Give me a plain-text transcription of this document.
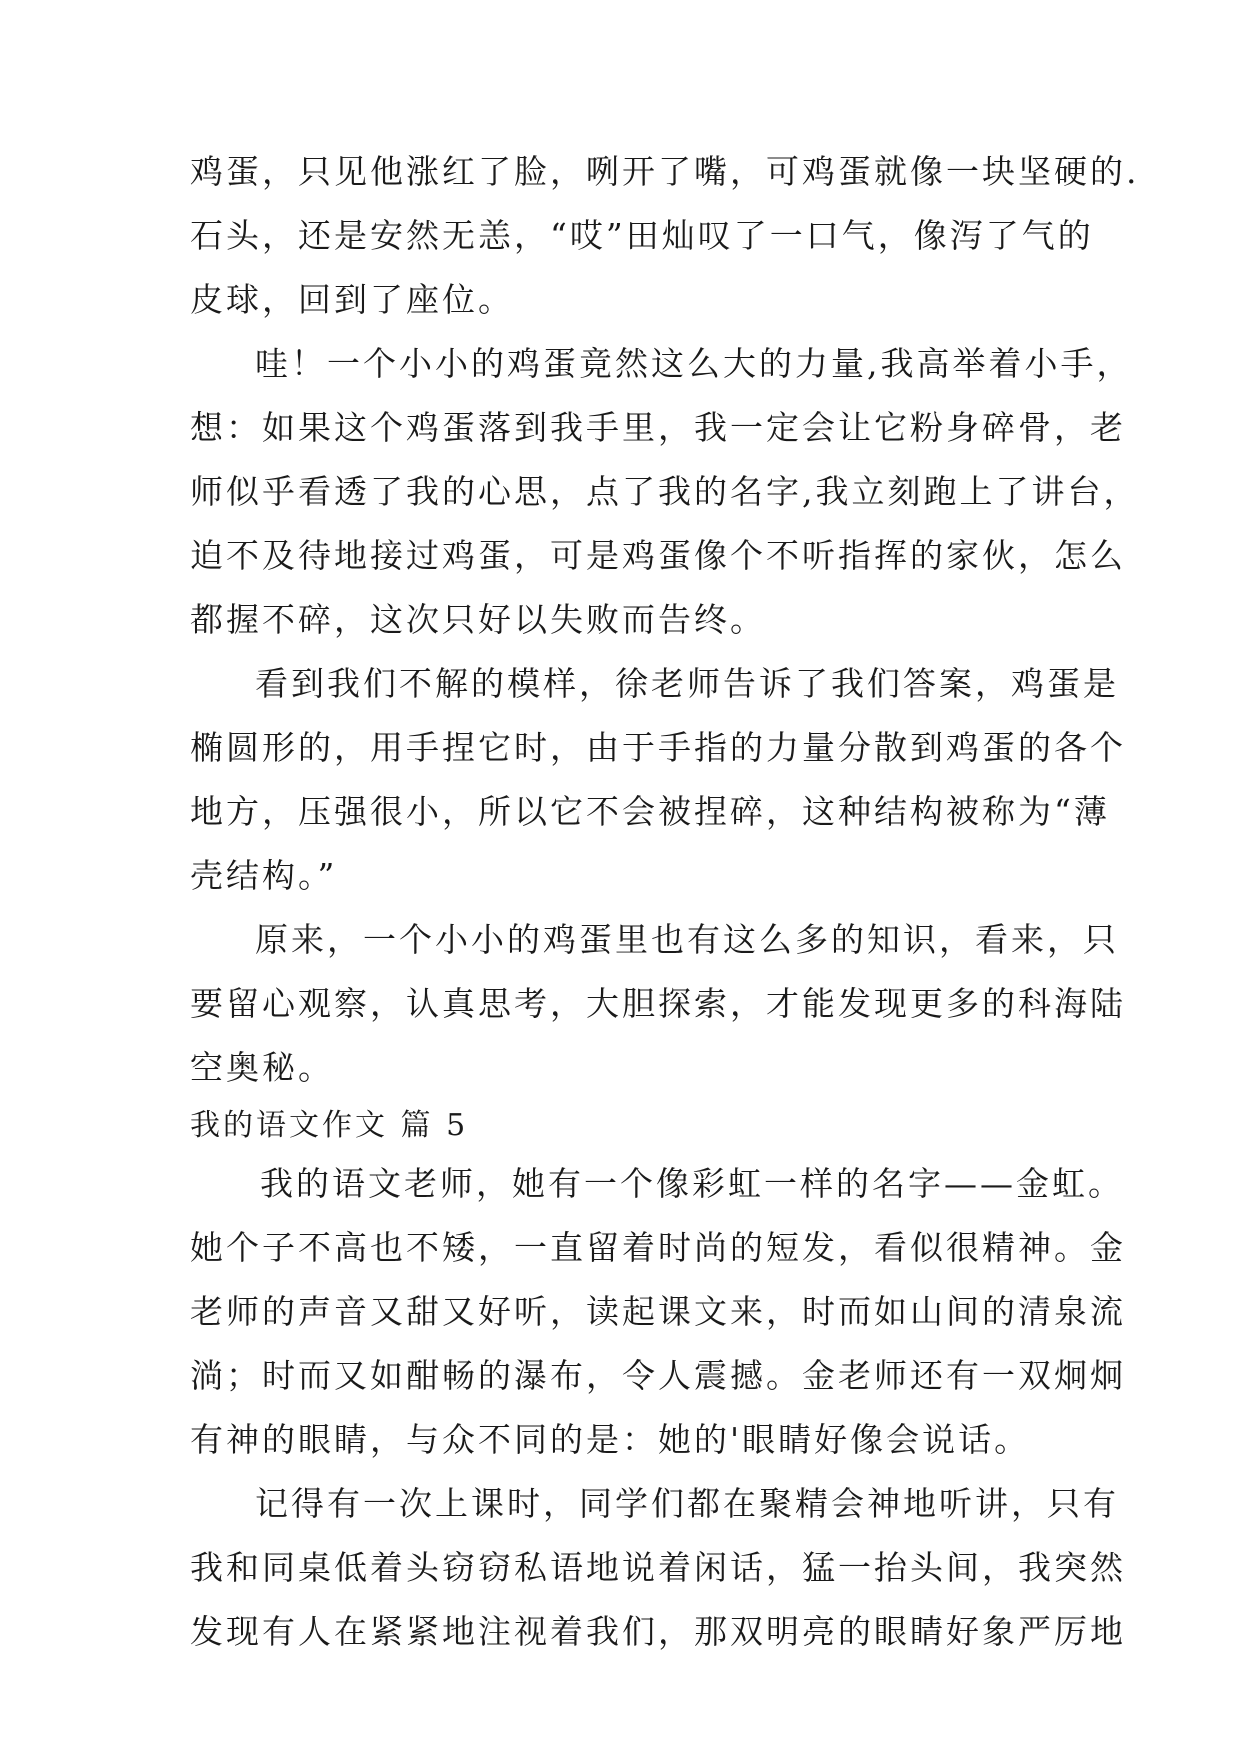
鸡蛋，只见他涨红了脸，咧开了嘴，可鸡蛋就像一块坚硬的.
石头，还是安然无恙，“哎”田灿叹了一口气，像泻了气的
皮球，回到了座位。
哇！一个小小的鸡蛋竟然这么大的力量,我高举着小手，
想：如果这个鸡蛋落到我手里，我一定会让它粉身碎骨，老
师似乎看透了我的心思，点了我的名字,我立刻跑上了讲台，
迫不及待地接过鸡蛋，可是鸡蛋像个不听指挥的家伙，怎么
都握不碎，这次只好以失败而告终。
看到我们不解的模样，徐老师告诉了我们答案，鸡蛋是
椭圆形的，用手捏它时，由于手指的力量分散到鸡蛋的各个
地方，压强很小，所以它不会被捏碎，这种结构被称为“薄
壳结构。”
原来，一个小小的鸡蛋里也有这么多的知识，看来，只
要留心观察，认真思考，大胆探索，才能发现更多的科海陆
空奥秘。
我的语文作文 篇 5
我的语文老师，她有一个像彩虹一样的名字——金虹。
她个子不高也不矮，一直留着时尚的短发，看似很精神。金
老师的声音又甜又好听，读起课文来，时而如山间的清泉流
淌；时而又如酣畅的瀑布，令人震撼。金老师还有一双炯炯
有神的眼睛，与众不同的是：她的'眼睛好像会说话。
记得有一次上课时，同学们都在聚精会神地听讲，只有
我和同桌低着头窃窃私语地说着闲话，猛一抬头间，我突然
发现有人在紧紧地注视着我们，那双明亮的眼睛好象严厉地
